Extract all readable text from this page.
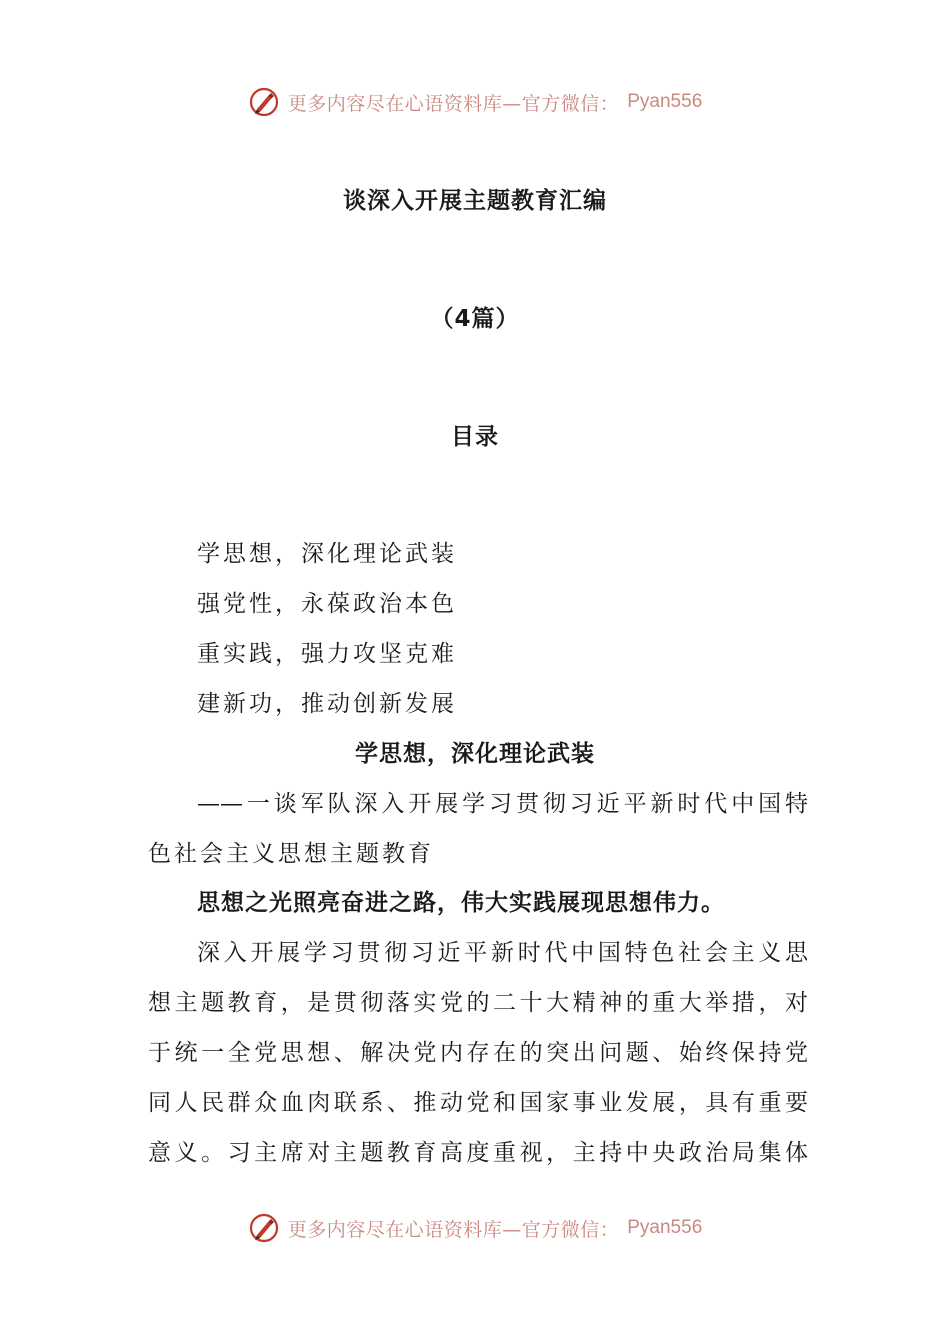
更多内容尽在心语资料库—官方微信： Pyan556
谈深入开展主题教育汇编
（4篇）
目录
学思想，深化理论武装
强党性，永葆政治本色
重实践，强力攻坚克难
建新功，推动创新发展
学思想，深化理论武装
——一谈军队深入开展学习贯彻习近平新时代中国特
色社会主义思想主题教育
思想之光照亮奋进之路，伟大实践展现思想伟力。
深入开展学习贯彻习近平新时代中国特色社会主义思
想主题教育，是贯彻落实党的二十大精神的重大举措，对
于统一全党思想、解决党内存在的突出问题、始终保持党
同人民群众血肉联系、推动党和国家事业发展，具有重要
意义。习主席对主题教育高度重视，主持中央政治局集体
更多内容尽在心语资料库—官方微信： Pyan556
